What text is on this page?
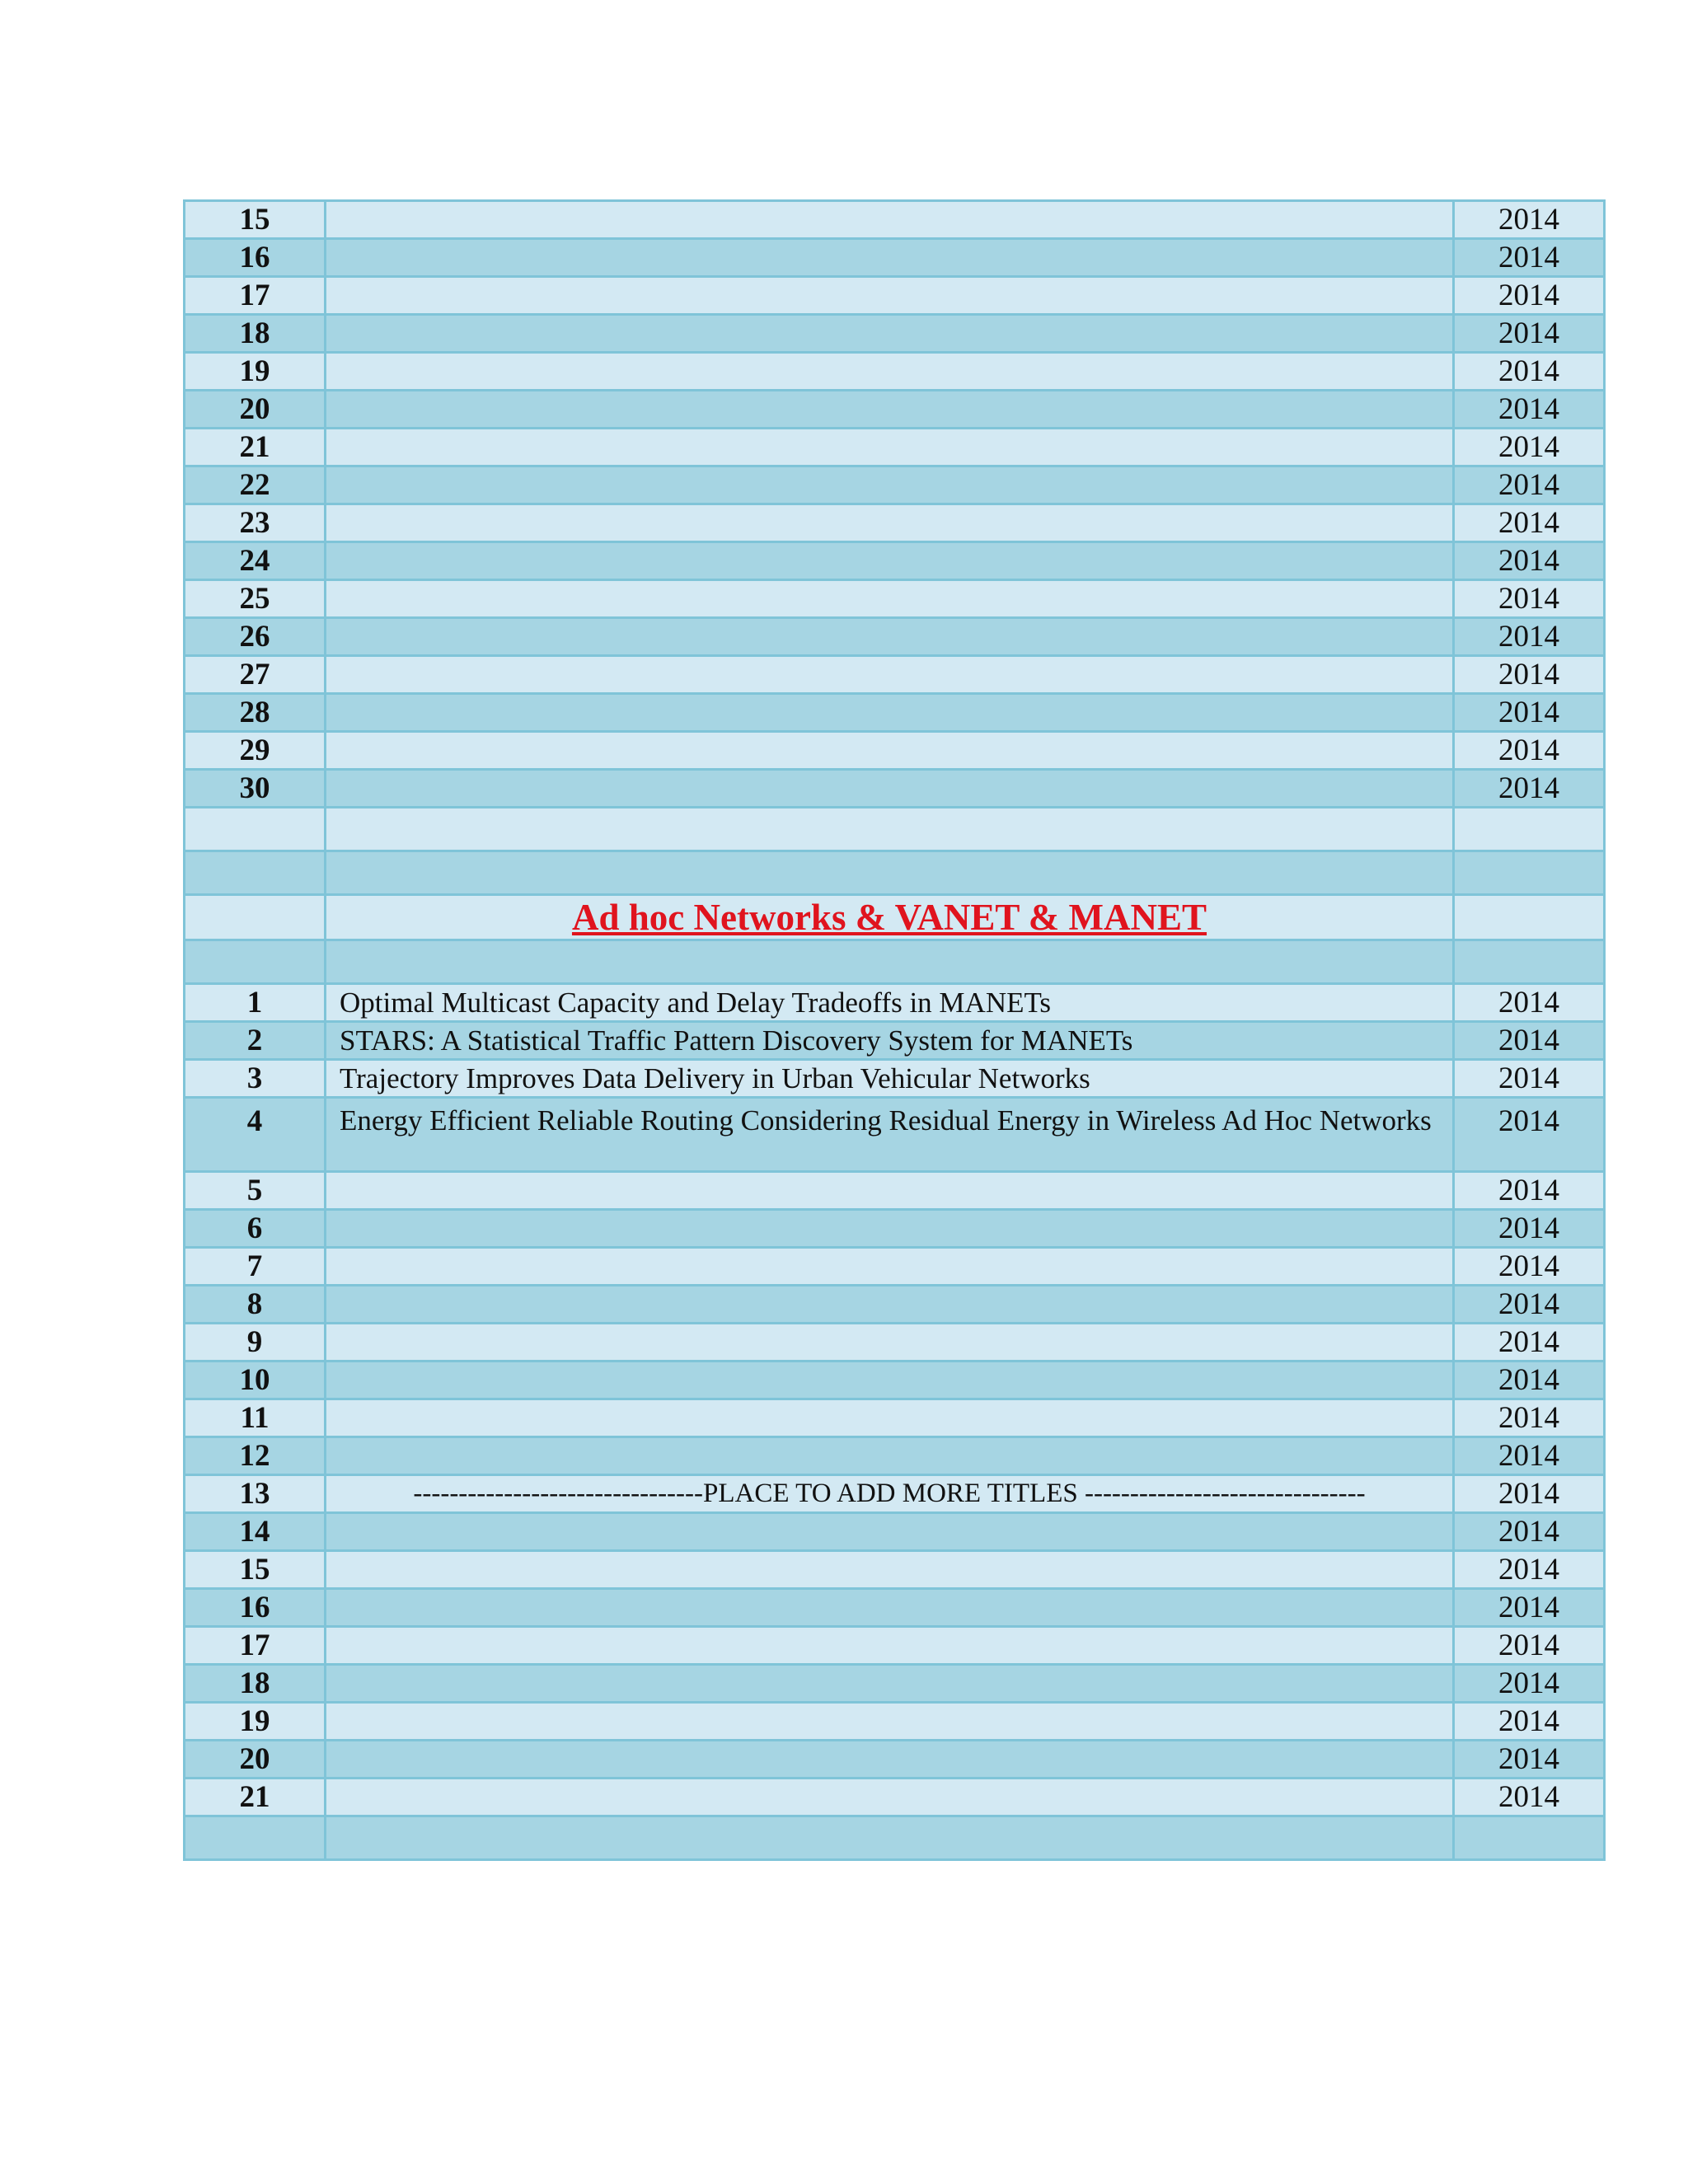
15		2014
16		2014
17		2014
18		2014
19		2014
20		2014
21		2014
22		2014
23		2014
24		2014
25		2014
26		2014
27		2014
28		2014
29		2014
30		2014

	Ad hoc Networks & VANET & MANET	

1	Optimal Multicast Capacity and Delay Tradeoffs in MANETs	2014
2	STARS: A Statistical Traffic Pattern Discovery System for MANETs	2014
3	Trajectory Improves Data Delivery in Urban Vehicular Networks	2014
4	Energy Efficient Reliable Routing Considering Residual Energy in Wireless Ad Hoc Networks	2014
5		2014
6		2014
7		2014
8		2014
9		2014
10		2014
11		2014
12		2014
13	--------------------------------PLACE TO ADD MORE TITLES -------------------------------	2014
14		2014
15		2014
16		2014
17		2014
18		2014
19		2014
20		2014
21		2014
